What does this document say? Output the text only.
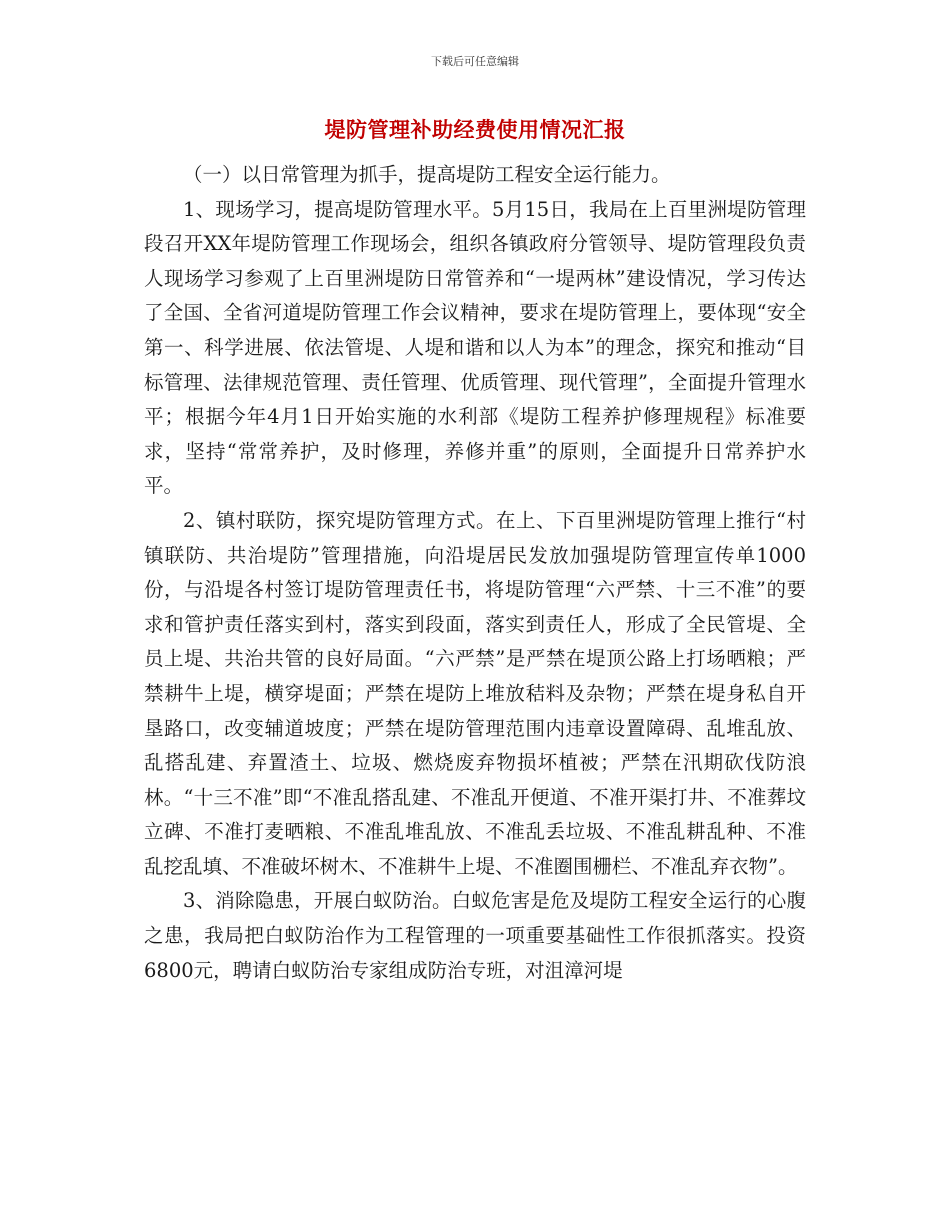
下载后可任意编辑
堤防管理补助经费使用情况汇报

（一）以日常管理为抓手，提高堤防工程安全运行能力。

1、现场学习，提高堤防管理水平。5月15日，我局在上百里洲堤防管理段召开XX年堤防管理工作现场会，组织各镇政府分管领导、堤防管理段负责人现场学习参观了上百里洲堤防日常管养和“一堤两林”建设情况，学习传达了全国、全省河道堤防管理工作会议精神，要求在堤防管理上，要体现“安全第一、科学进展、依法管堤、人堤和谐和以人为本”的理念，探究和推动“目标管理、法律规范管理、责任管理、优质管理、现代管理”，全面提升管理水平；根据今年4月1日开始实施的水利部《堤防工程养护修理规程》标准要求，坚持“常常养护，及时修理，养修并重”的原则，全面提升日常养护水平。

2、镇村联防，探究堤防管理方式。在上、下百里洲堤防管理上推行“村镇联防、共治堤防”管理措施，向沿堤居民发放加强堤防管理宣传单1000份，与沿堤各村签订堤防管理责任书，将堤防管理“六严禁、十三不准”的要求和管护责任落实到村，落实到段面，落实到责任人，形成了全民管堤、全员上堤、共治共管的良好局面。“六严禁”是严禁在堤顶公路上打场晒粮；严禁耕牛上堤，横穿堤面；严禁在堤防上堆放秸料及杂物；严禁在堤身私自开垦路口，改变辅道坡度；严禁在堤防管理范围内违章设置障碍、乱堆乱放、乱搭乱建、弃置渣土、垃圾、燃烧废弃物损坏植被；严禁在汛期砍伐防浪林。“十三不准”即“不准乱搭乱建、不准乱开便道、不准开渠打井、不准葬坟立碑、不准打麦晒粮、不准乱堆乱放、不准乱丢垃圾、不准乱耕乱种、不准乱挖乱填、不准破坏树木、不准耕牛上堤、不准圈围栅栏、不准乱弃衣物”。

3、消除隐患，开展白蚁防治。白蚁危害是危及堤防工程安全运行的心腹之患，我局把白蚁防治作为工程管理的一项重要基础性工作很抓落实。投资6800元，聘请白蚁防治专家组成防治专班，对沮漳河堤
